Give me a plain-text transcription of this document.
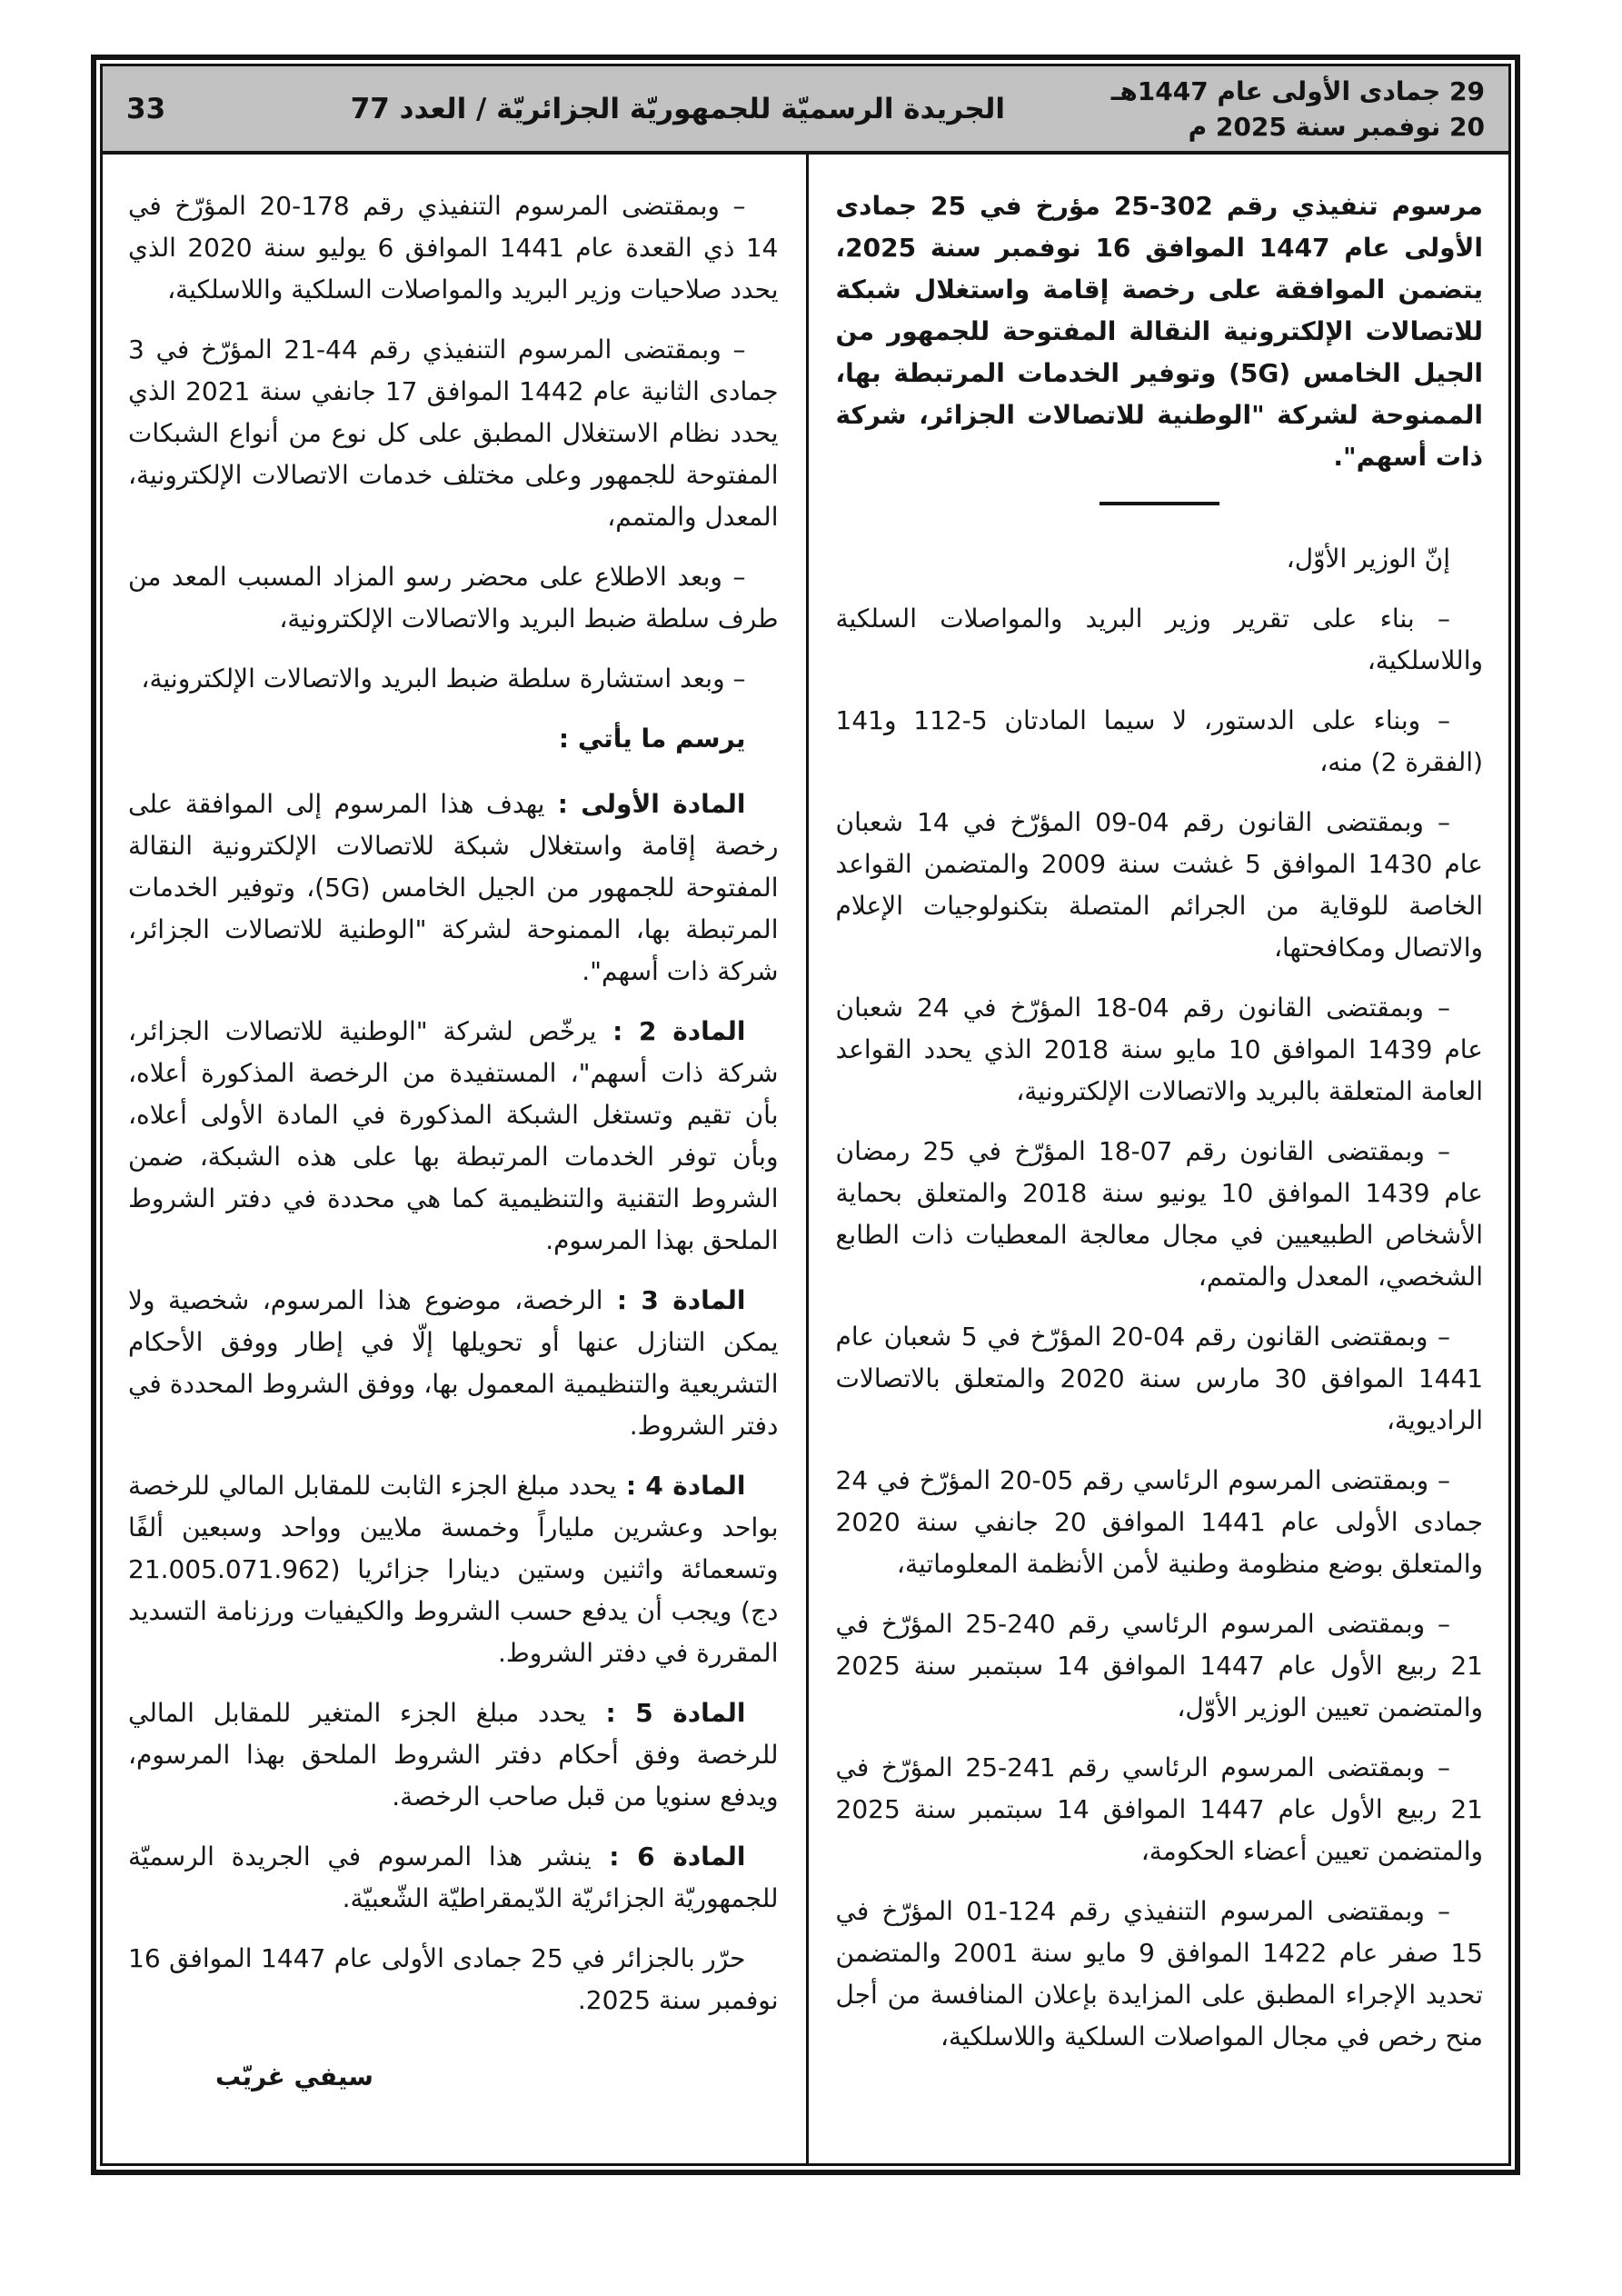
29 جمادى الأولى عام 1447هـ
20 نوفمبر سنة 2025 م
الجريدة الرسميّة للجمهوريّة الجزائريّة / العدد 77
33

مرسوم تنفيذي رقم 302-25 مؤرخ في 25 جمادى الأولى عام 1447 الموافق 16 نوفمبر سنة 2025، يتضمن الموافقة على رخصة إقامة واستغلال شبكة للاتصالات الإلكترونية النقالة المفتوحة للجمهور من الجيل الخامس (5G) وتوفير الخدمات المرتبطة بها، الممنوحة لشركة "الوطنية للاتصالات الجزائر، شركة ذات أسهم".

إنّ الوزير الأوّل،

– بناء على تقرير وزير البريد والمواصلات السلكية واللاسلكية،

– وبناء على الدستور، لا سيما المادتان 5-112 و141 (الفقرة 2) منه،

– وبمقتضى القانون رقم 04-09 المؤرّخ في 14 شعبان عام 1430 الموافق 5 غشت سنة 2009 والمتضمن القواعد الخاصة للوقاية من الجرائم المتصلة بتكنولوجيات الإعلام والاتصال ومكافحتها،

– وبمقتضى القانون رقم 04-18 المؤرّخ في 24 شعبان عام 1439 الموافق 10 مايو سنة 2018 الذي يحدد القواعد العامة المتعلقة بالبريد والاتصالات الإلكترونية،

– وبمقتضى القانون رقم 07-18 المؤرّخ في 25 رمضان عام 1439 الموافق 10 يونيو سنة 2018 والمتعلق بحماية الأشخاص الطبيعيين في مجال معالجة المعطيات ذات الطابع الشخصي، المعدل والمتمم،

– وبمقتضى القانون رقم 04-20 المؤرّخ في 5 شعبان عام 1441 الموافق 30 مارس سنة 2020 والمتعلق بالاتصالات الراديوية،

– وبمقتضى المرسوم الرئاسي رقم 05-20 المؤرّخ في 24 جمادى الأولى عام 1441 الموافق 20 جانفي سنة 2020 والمتعلق بوضع منظومة وطنية لأمن الأنظمة المعلوماتية،

– وبمقتضى المرسوم الرئاسي رقم 240-25 المؤرّخ في 21 ربيع الأول عام 1447 الموافق 14 سبتمبر سنة 2025 والمتضمن تعيين الوزير الأوّل،

– وبمقتضى المرسوم الرئاسي رقم 241-25 المؤرّخ في 21 ربيع الأول عام 1447 الموافق 14 سبتمبر سنة 2025 والمتضمن تعيين أعضاء الحكومة،

– وبمقتضى المرسوم التنفيذي رقم 124-01 المؤرّخ في 15 صفر عام 1422 الموافق 9 مايو سنة 2001 والمتضمن تحديد الإجراء المطبق على المزايدة بإعلان المنافسة من أجل منح رخص في مجال المواصلات السلكية واللاسلكية،

– وبمقتضى المرسوم التنفيذي رقم 178-20 المؤرّخ في 14 ذي القعدة عام 1441 الموافق 6 يوليو سنة 2020 الذي يحدد صلاحيات وزير البريد والمواصلات السلكية واللاسلكية،

– وبمقتضى المرسوم التنفيذي رقم 44-21 المؤرّخ في 3 جمادى الثانية عام 1442 الموافق 17 جانفي سنة 2021 الذي يحدد نظام الاستغلال المطبق على كل نوع من أنواع الشبكات المفتوحة للجمهور وعلى مختلف خدمات الاتصالات الإلكترونية، المعدل والمتمم،

– وبعد الاطلاع على محضر رسو المزاد المسبب المعد من طرف سلطة ضبط البريد والاتصالات الإلكترونية،

– وبعد استشارة سلطة ضبط البريد والاتصالات الإلكترونية،

يرسم ما يأتي :

المادة الأولى : يهدف هذا المرسوم إلى الموافقة على رخصة إقامة واستغلال شبكة للاتصالات الإلكترونية النقالة المفتوحة للجمهور من الجيل الخامس (5G)، وتوفير الخدمات المرتبطة بها، الممنوحة لشركة "الوطنية للاتصالات الجزائر، شركة ذات أسهم".

المادة 2 : يرخّص لشركة "الوطنية للاتصالات الجزائر، شركة ذات أسهم"، المستفيدة من الرخصة المذكورة أعلاه، بأن تقيم وتستغل الشبكة المذكورة في المادة الأولى أعلاه، وبأن توفر الخدمات المرتبطة بها على هذه الشبكة، ضمن الشروط التقنية والتنظيمية كما هي محددة في دفتر الشروط الملحق بهذا المرسوم.

المادة 3 : الرخصة، موضوع هذا المرسوم، شخصية ولا يمكن التنازل عنها أو تحويلها إلّا في إطار ووفق الأحكام التشريعية والتنظيمية المعمول بها، ووفق الشروط المحددة في دفتر الشروط.

المادة 4 : يحدد مبلغ الجزء الثابت للمقابل المالي للرخصة بواحد وعشرين ملياراً وخمسة ملايين وواحد وسبعين ألفًا وتسعمائة واثنين وستين دينارا جزائريا (21.005.071.962 دج) ويجب أن يدفع حسب الشروط والكيفيات ورزنامة التسديد المقررة في دفتر الشروط.

المادة 5 : يحدد مبلغ الجزء المتغير للمقابل المالي للرخصة وفق أحكام دفتر الشروط الملحق بهذا المرسوم، ويدفع سنويا من قبل صاحب الرخصة.

المادة 6 : ينشر هذا المرسوم في الجريدة الرسميّة للجمهوريّة الجزائريّة الدّيمقراطيّة الشّعبيّة.

حرّر بالجزائر في 25 جمادى الأولى عام 1447 الموافق 16 نوفمبر سنة 2025.

سيفي غريّب
